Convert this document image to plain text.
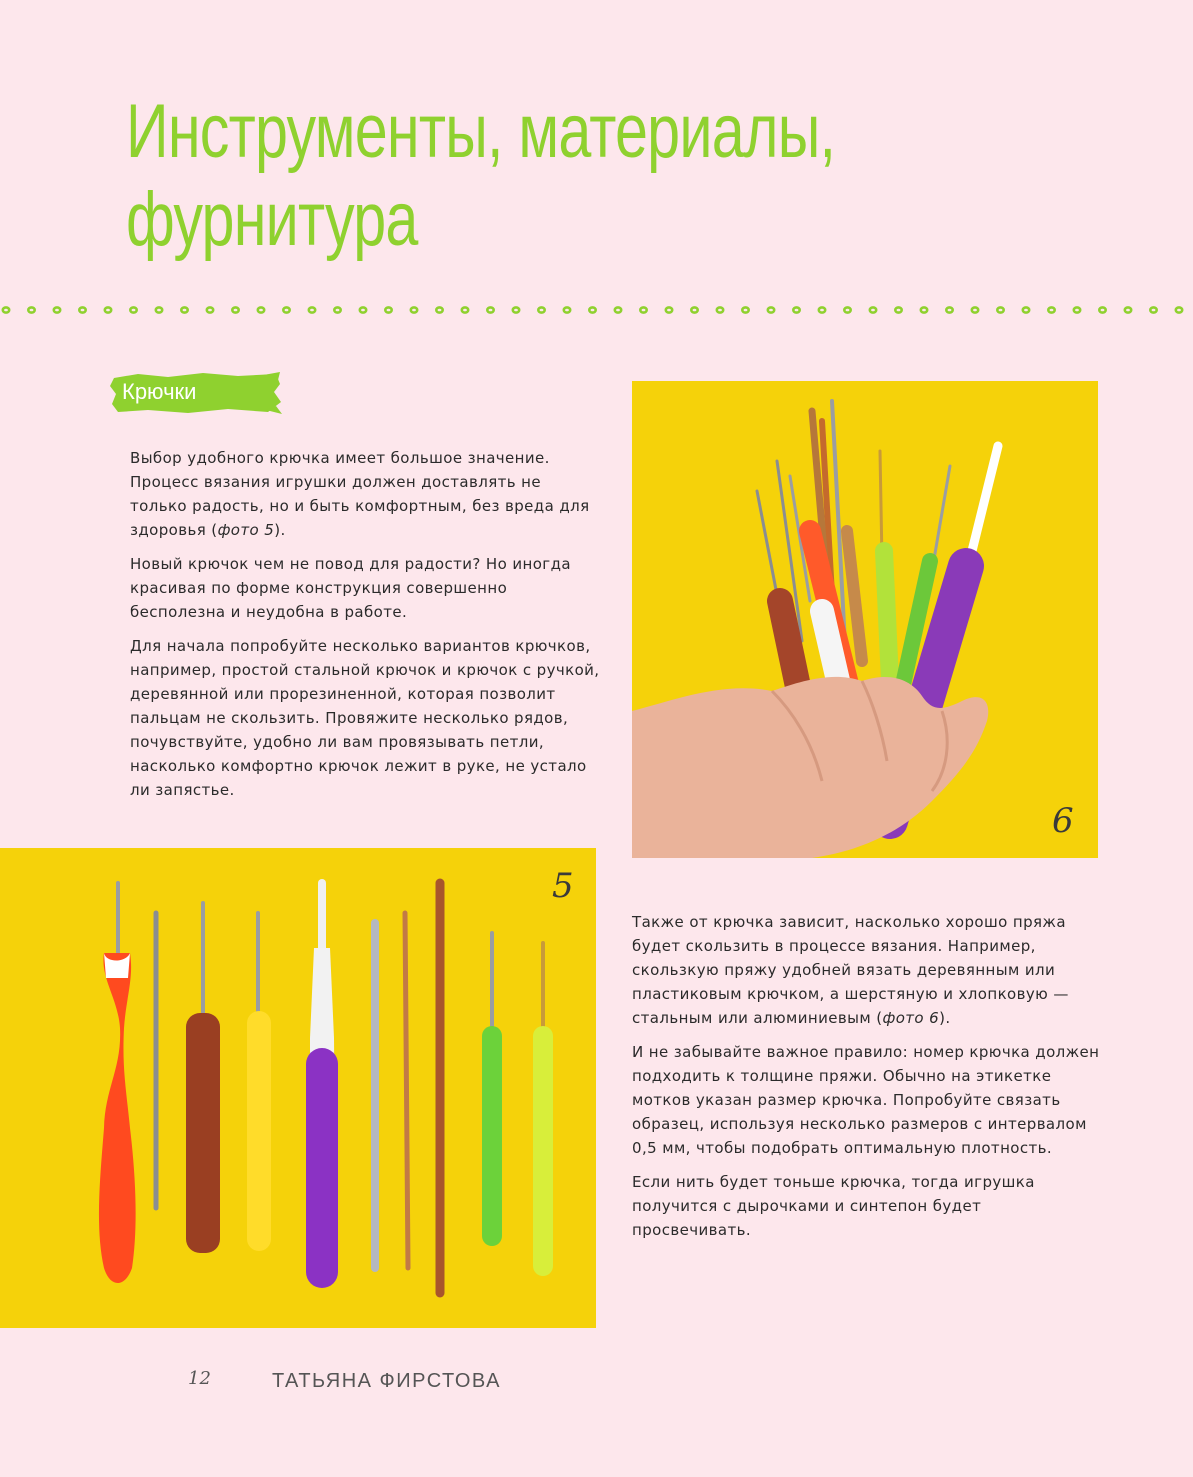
Инструменты, материалы,
фурнитура
Крючки

Выбор удобного крючка имеет большое значение. Процесс вязания игрушки должен доставлять не только радость, но и быть комфортным, без вреда для здоровья (фото 5).

Новый крючок чем не повод для радости? Но иногда красивая по форме конструкция совершенно бесполезна и неудобна в работе.

Для начала попробуйте несколько вариантов крючков, например, простой стальной крючок и крючок с ручкой, деревянной или прорезиненной, которая позволит пальцам не скользить. Провяжите несколько рядов, почувствуйте, удобно ли вам провязывать петли, насколько комфортно крючок лежит в руке, не устало ли запястье.

6
5

Также от крючка зависит, насколько хорошо пряжа будет скользить в процессе вязания. Например, скользкую пряжу удобней вязать деревянным или пластиковым крючком, а шерстяную и хлопковую — стальным или алюминиевым (фото 6).

И не забывайте важное правило: номер крючка должен подходить к толщине пряжи. Обычно на этикетке мотков указан размер крючка. Попробуйте связать образец, используя несколько размеров с интервалом 0,5 мм, чтобы подобрать оптимальную плотность.

Если нить будет тоньше крючка, тогда игрушка получится с дырочками и синтепон будет просвечивать.

12	ТАТЬЯНА ФИРСТОВА
